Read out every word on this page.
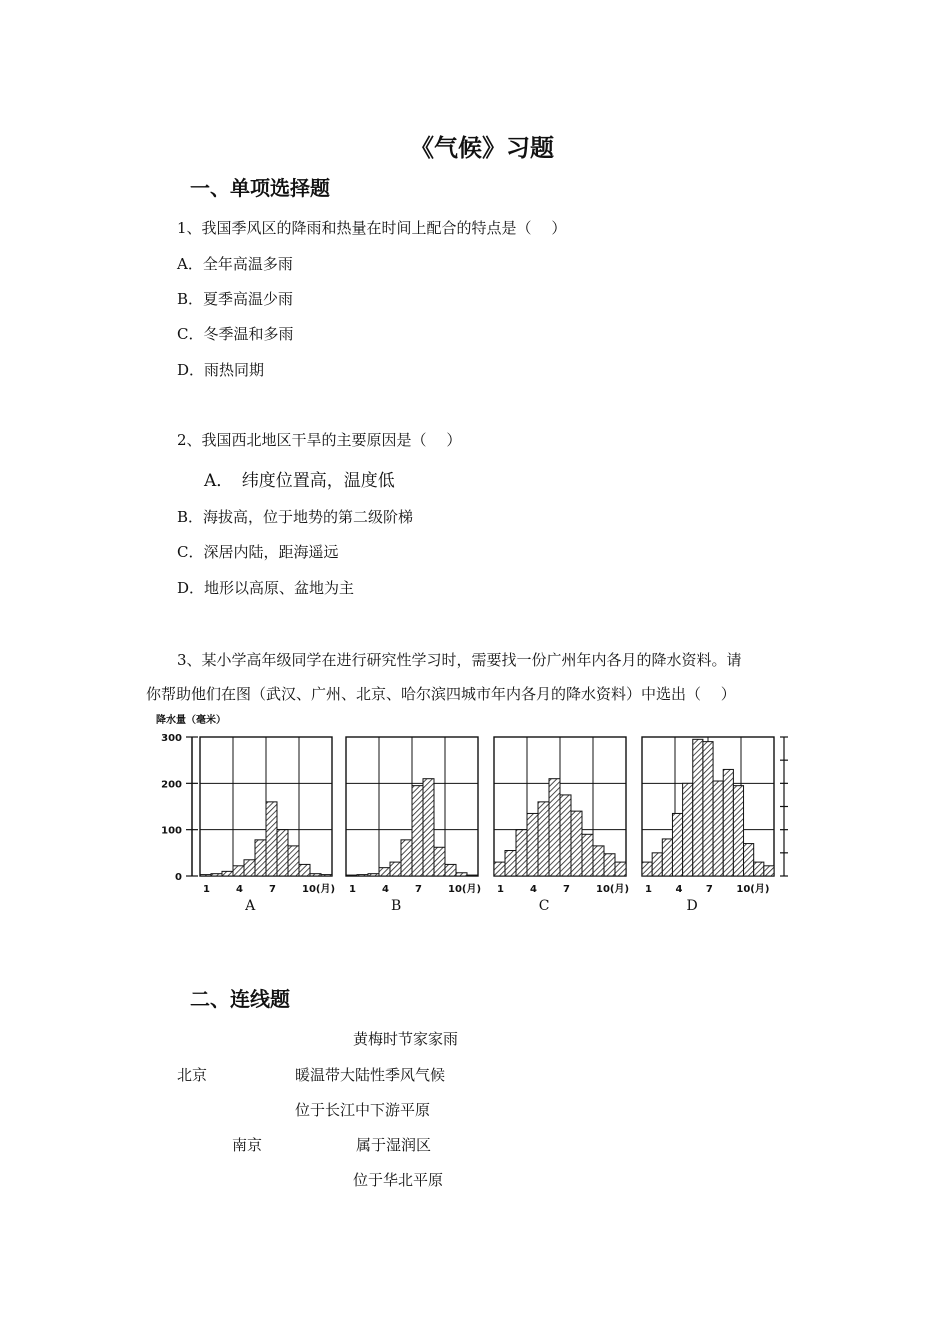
《气候》习题
一、单项选择题
1、我国季风区的降雨和热量在时间上配合的特点是（　 ）
A．全年高温多雨
B．夏季高温少雨
C．冬季温和多雨
D．雨热同期
2、我国西北地区干旱的主要原因是（　 ）
A．　纬度位置高，温度低
B．海拔高，位于地势的第二级阶梯
C．深居内陆，距海遥远
D．地形以高原、盆地为主
3、某小学高年级同学在进行研究性学习时，需要找一份广州年内各月的降水资料。请
你帮助他们在图（武汉、广州、北京、哈尔滨四城市年内各月的降水资料）中选出（　 ）
降水量（毫米）
300
200
100
0
1	4	7	10(月)
A
1	4	7	10(月)
B
1	4	7	10(月)
C
1 4 7 10(月)
D
二、连线题
黄梅时节家家雨
北京	暖温带大陆性季风气候
位于长江中下游平原
南京	属于湿润区
位于华北平原
